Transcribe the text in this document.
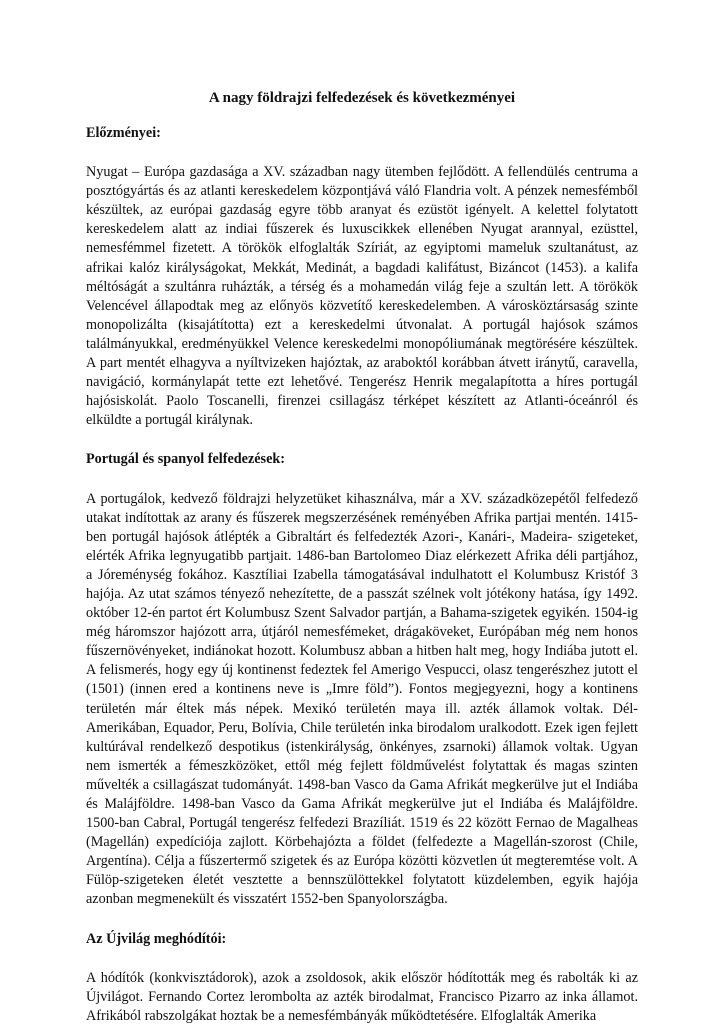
A nagy földrajzi felfedezések és következményei
Előzményei:
Nyugat – Európa gazdasága a XV. században nagy ütemben fejlődött. A fellendülés centruma a posztógyártás és az atlanti kereskedelem központjává váló Flandria volt. A pénzek nemesfémből készültek, az európai gazdaság egyre több aranyat és ezüstöt igényelt. A kelettel folytatott kereskedelem alatt az indiai fűszerek és luxuscikkek ellenében Nyugat arannyal, ezüsttel, nemesfémmel fizetett. A törökök elfoglalták Szíriát, az egyiptomi mameluk szultanátust, az afrikai kalóz királyságokat, Mekkát, Medinát, a bagdadi kalifátust, Bizáncot (1453). a kalifa méltóságát a szultánra ruházták, a térség és a mohamedán világ feje a szultán lett. A törökök Velencével állapodtak meg az előnyös közvetítő kereskedelemben. A városköztársaság szinte monopolizálta (kisajátította) ezt a kereskedelmi útvonalat. A portugál hajósok számos találmányukkal, eredményükkel Velence kereskedelmi monopóliumának megtörésére készültek. A part mentét elhagyva a nyíltvizeken hajóztak, az araboktól korábban átvett iránytű, caravella, navigáció, kormánylapát tette ezt lehetővé. Tengerész Henrik megalapította a híres portugál hajósiskolát. Paolo Toscanelli, firenzei csillagász térképet készített az Atlanti-óceánról és elküldte a portugál királynak.
Portugál és spanyol felfedezések:
A portugálok, kedvező földrajzi helyzetüket kihasználva, már a XV. századközepétől felfedező utakat indítottak az arany és fűszerek megszerzésének reményében Afrika partjai mentén. 1415-ben portugál hajósok átlépték a Gibraltárt és felfedezték Azori-, Kanári-, Madeira- szigeteket, elérték Afrika legnyugatibb partjait. 1486-ban Bartolomeo Diaz elérkezett Afrika déli partjához, a Jóreménység fokához. Kasztíliai Izabella támogatásával indulhatott el Kolumbusz Kristóf 3 hajója. Az utat számos tényező nehezítette, de a passzát szélnek volt jótékony hatása, így 1492. október 12-én partot ért Kolumbusz Szent Salvador partján, a Bahama-szigetek egyikén. 1504-ig még háromszor hajózott arra, útjáról nemesfémeket, drágaköveket, Európában még nem honos fűszernövényeket, indiánokat hozott. Kolumbusz abban a hitben halt meg, hogy Indiába jutott el. A felismerés, hogy egy új kontinenst fedeztek fel Amerigo Vespucci, olasz tengerészhez jutott el (1501) (innen ered a kontinens neve is „Imre föld”). Fontos megjegyezni, hogy a kontinens területén már éltek más népek. Mexikó területén maya ill. azték államok voltak. Dél-Amerikában, Equador, Peru, Bolívia, Chile területén inka birodalom uralkodott. Ezek igen fejlett kultúrával rendelkező despotikus (istenkirályság, önkényes, zsarnoki) államok voltak. Ugyan nem ismerték a fémeszközöket, ettől még fejlett földművelést folytattak és magas szinten művelték a csillagászat tudományát. 1498-ban Vasco da Gama Afrikát megkerülve jut el Indiába és Malájföldre. 1498-ban Vasco da Gama Afrikát megkerülve jut el Indiába és Malájföldre. 1500-ban Cabral, Portugál tengerész felfedezi Brazíliát. 1519 és 22 között Fernao de Magalheas (Magellán) expedíciója zajlott. Körbehajózta a földet (felfedezte a Magellán-szorost (Chile, Argentína). Célja a fűszertermő szigetek és az Európa közötti közvetlen út megteremtése volt. A Fülöp-szigeteken életét vesztette a bennszülöttekkel folytatott küzdelemben, egyik hajója azonban megmenekült és visszatért 1552-ben Spanyolországba.
Az Újvilág meghódítói:
A hódítók (konkvisztádorok), azok a zsoldosok, akik először hódították meg és rabolták ki az Újvilágot. Fernando Cortez lerombolta az azték birodalmat, Francisco Pizarro az inka államot. Afrikából rabszolgákat hoztak be a nemesfémbányák működtetésére. Elfoglalták Amerika
